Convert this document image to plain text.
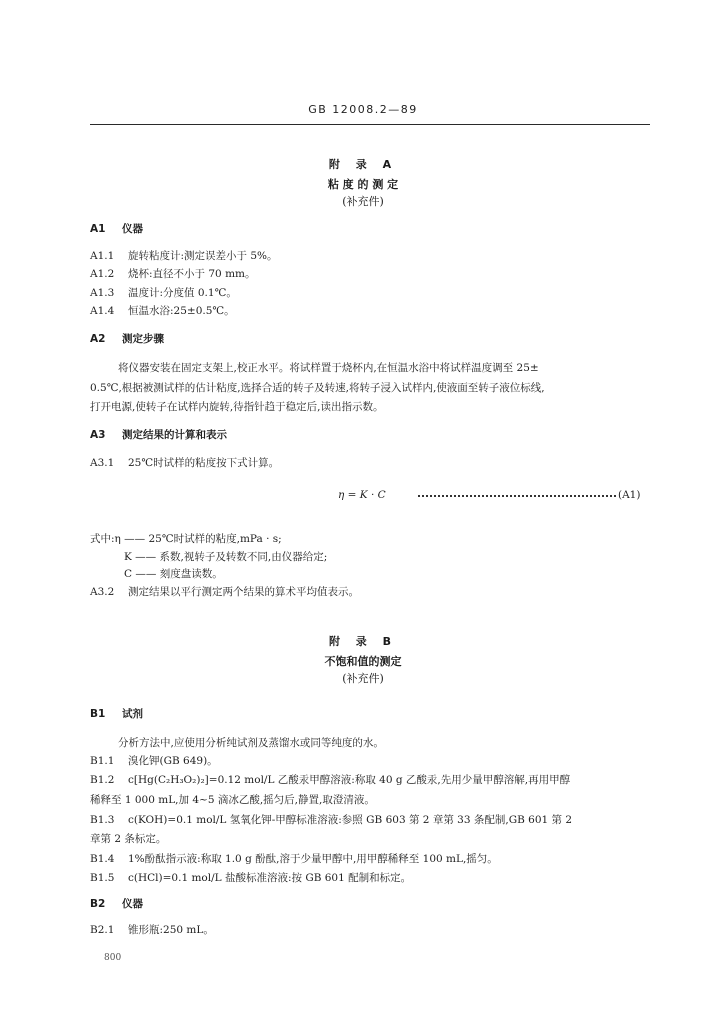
GB 12008.2—89
附 录 A
粘 度 的 测 定
(补充件)
A1 仪器
A1.1 旋转粘度计:测定误差小于 5%。
A1.2 烧杯:直径不小于 70 mm。
A1.3 温度计:分度值 0.1℃。
A1.4 恒温水浴:25±0.5℃。
A2 测定步骤
将仪器安装在固定支架上,校正水平。将试样置于烧杯内,在恒温水浴中将试样温度调至 25±
0.5℃,根据被测试样的估计粘度,选择合适的转子及转速,将转子浸入试样内,使液面至转子液位标线,
打开电源,使转子在试样内旋转,待指针趋于稳定后,读出指示数。
A3 测定结果的计算和表示
A3.1 25℃时试样的粘度按下式计算。
η = K · C	(A1)
式中:η —— 25℃时试样的粘度,mPa · s;
K —— 系数,视转子及转数不同,由仪器给定;
C —— 刻度盘读数。
A3.2 测定结果以平行测定两个结果的算术平均值表示。
附 录 B
不饱和值的测定
(补充件)
B1 试剂
分析方法中,应使用分析纯试剂及蒸馏水或同等纯度的水。
B1.1 溴化钾(GB 649)。
B1.2 c[Hg(C₂H₃O₂)₂]=0.12 mol/L 乙酸汞甲醇溶液:称取 40 g 乙酸汞,先用少量甲醇溶解,再用甲醇
稀释至 1 000 mL,加 4~5 滴冰乙酸,摇匀后,静置,取澄清液。
B1.3 c(KOH)=0.1 mol/L 氢氧化钾-甲醇标准溶液:参照 GB 603 第 2 章第 33 条配制,GB 601 第 2
章第 2 条标定。
B1.4 1%酚酞指示液:称取 1.0 g 酚酞,溶于少量甲醇中,用甲醇稀释至 100 mL,摇匀。
B1.5 c(HCl)=0.1 mol/L 盐酸标准溶液:按 GB 601 配制和标定。
B2 仪器
B2.1 锥形瓶:250 mL。
800
